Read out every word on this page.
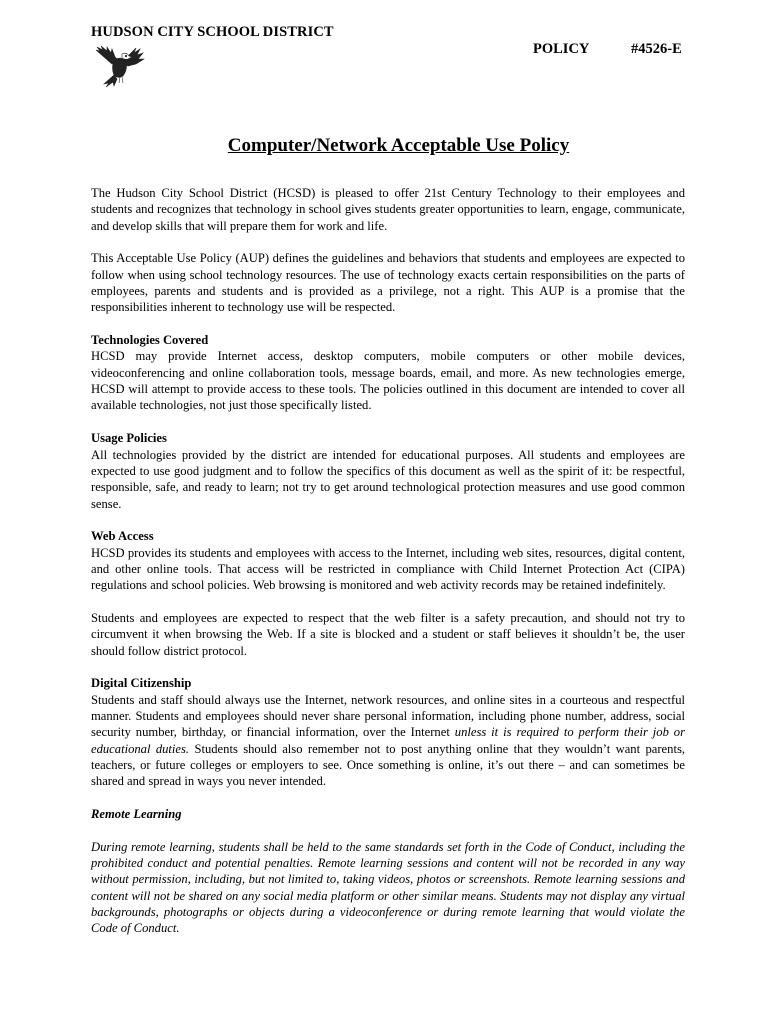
HUDSON CITY SCHOOL DISTRICT
POLICY	#4526-E
Computer/Network Acceptable Use Policy

The Hudson City School District (HCSD) is pleased to offer 21st Century Technology to their employees and students and recognizes that technology in school gives students greater opportunities to learn, engage, communicate, and develop skills that will prepare them for work and life.

This Acceptable Use Policy (AUP) defines the guidelines and behaviors that students and employees are expected to follow when using school technology resources. The use of technology exacts certain responsibilities on the parts of employees, parents and students and is provided as a privilege, not a right. This AUP is a promise that the responsibilities inherent to technology use will be respected.

Technologies Covered

HCSD may provide Internet access, desktop computers, mobile computers or other mobile devices, videoconferencing and online collaboration tools, message boards, email, and more. As new technologies emerge, HCSD will attempt to provide access to these tools. The policies outlined in this document are intended to cover all available technologies, not just those specifically listed.

Usage Policies

All technologies provided by the district are intended for educational purposes. All students and employees are expected to use good judgment and to follow the specifics of this document as well as the spirit of it: be respectful, responsible, safe, and ready to learn; not try to get around technological protection measures and use good common sense.

Web Access

HCSD provides its students and employees with access to the Internet, including web sites, resources, digital content, and other online tools. That access will be restricted in compliance with Child Internet Protection Act (CIPA) regulations and school policies. Web browsing is monitored and web activity records may be retained indefinitely.

Students and employees are expected to respect that the web filter is a safety precaution, and should not try to circumvent it when browsing the Web. If a site is blocked and a student or staff believes it shouldn’t be, the user should follow district protocol.

Digital Citizenship

Students and staff should always use the Internet, network resources, and online sites in a courteous and respectful manner. Students and employees should never share personal information, including phone number, address, social security number, birthday, or financial information, over the Internet unless it is required to perform their job or educational duties. Students should also remember not to post anything online that they wouldn’t want parents, teachers, or future colleges or employers to see. Once something is online, it’s out there – and can sometimes be shared and spread in ways you never intended.

Remote Learning

During remote learning, students shall be held to the same standards set forth in the Code of Conduct, including the prohibited conduct and potential penalties. Remote learning sessions and content will not be recorded in any way without permission, including, but not limited to, taking videos, photos or screenshots. Remote learning sessions and content will not be shared on any social media platform or other similar means. Students may not display any virtual backgrounds, photographs or objects during a videoconference or during remote learning that would violate the Code of Conduct.
